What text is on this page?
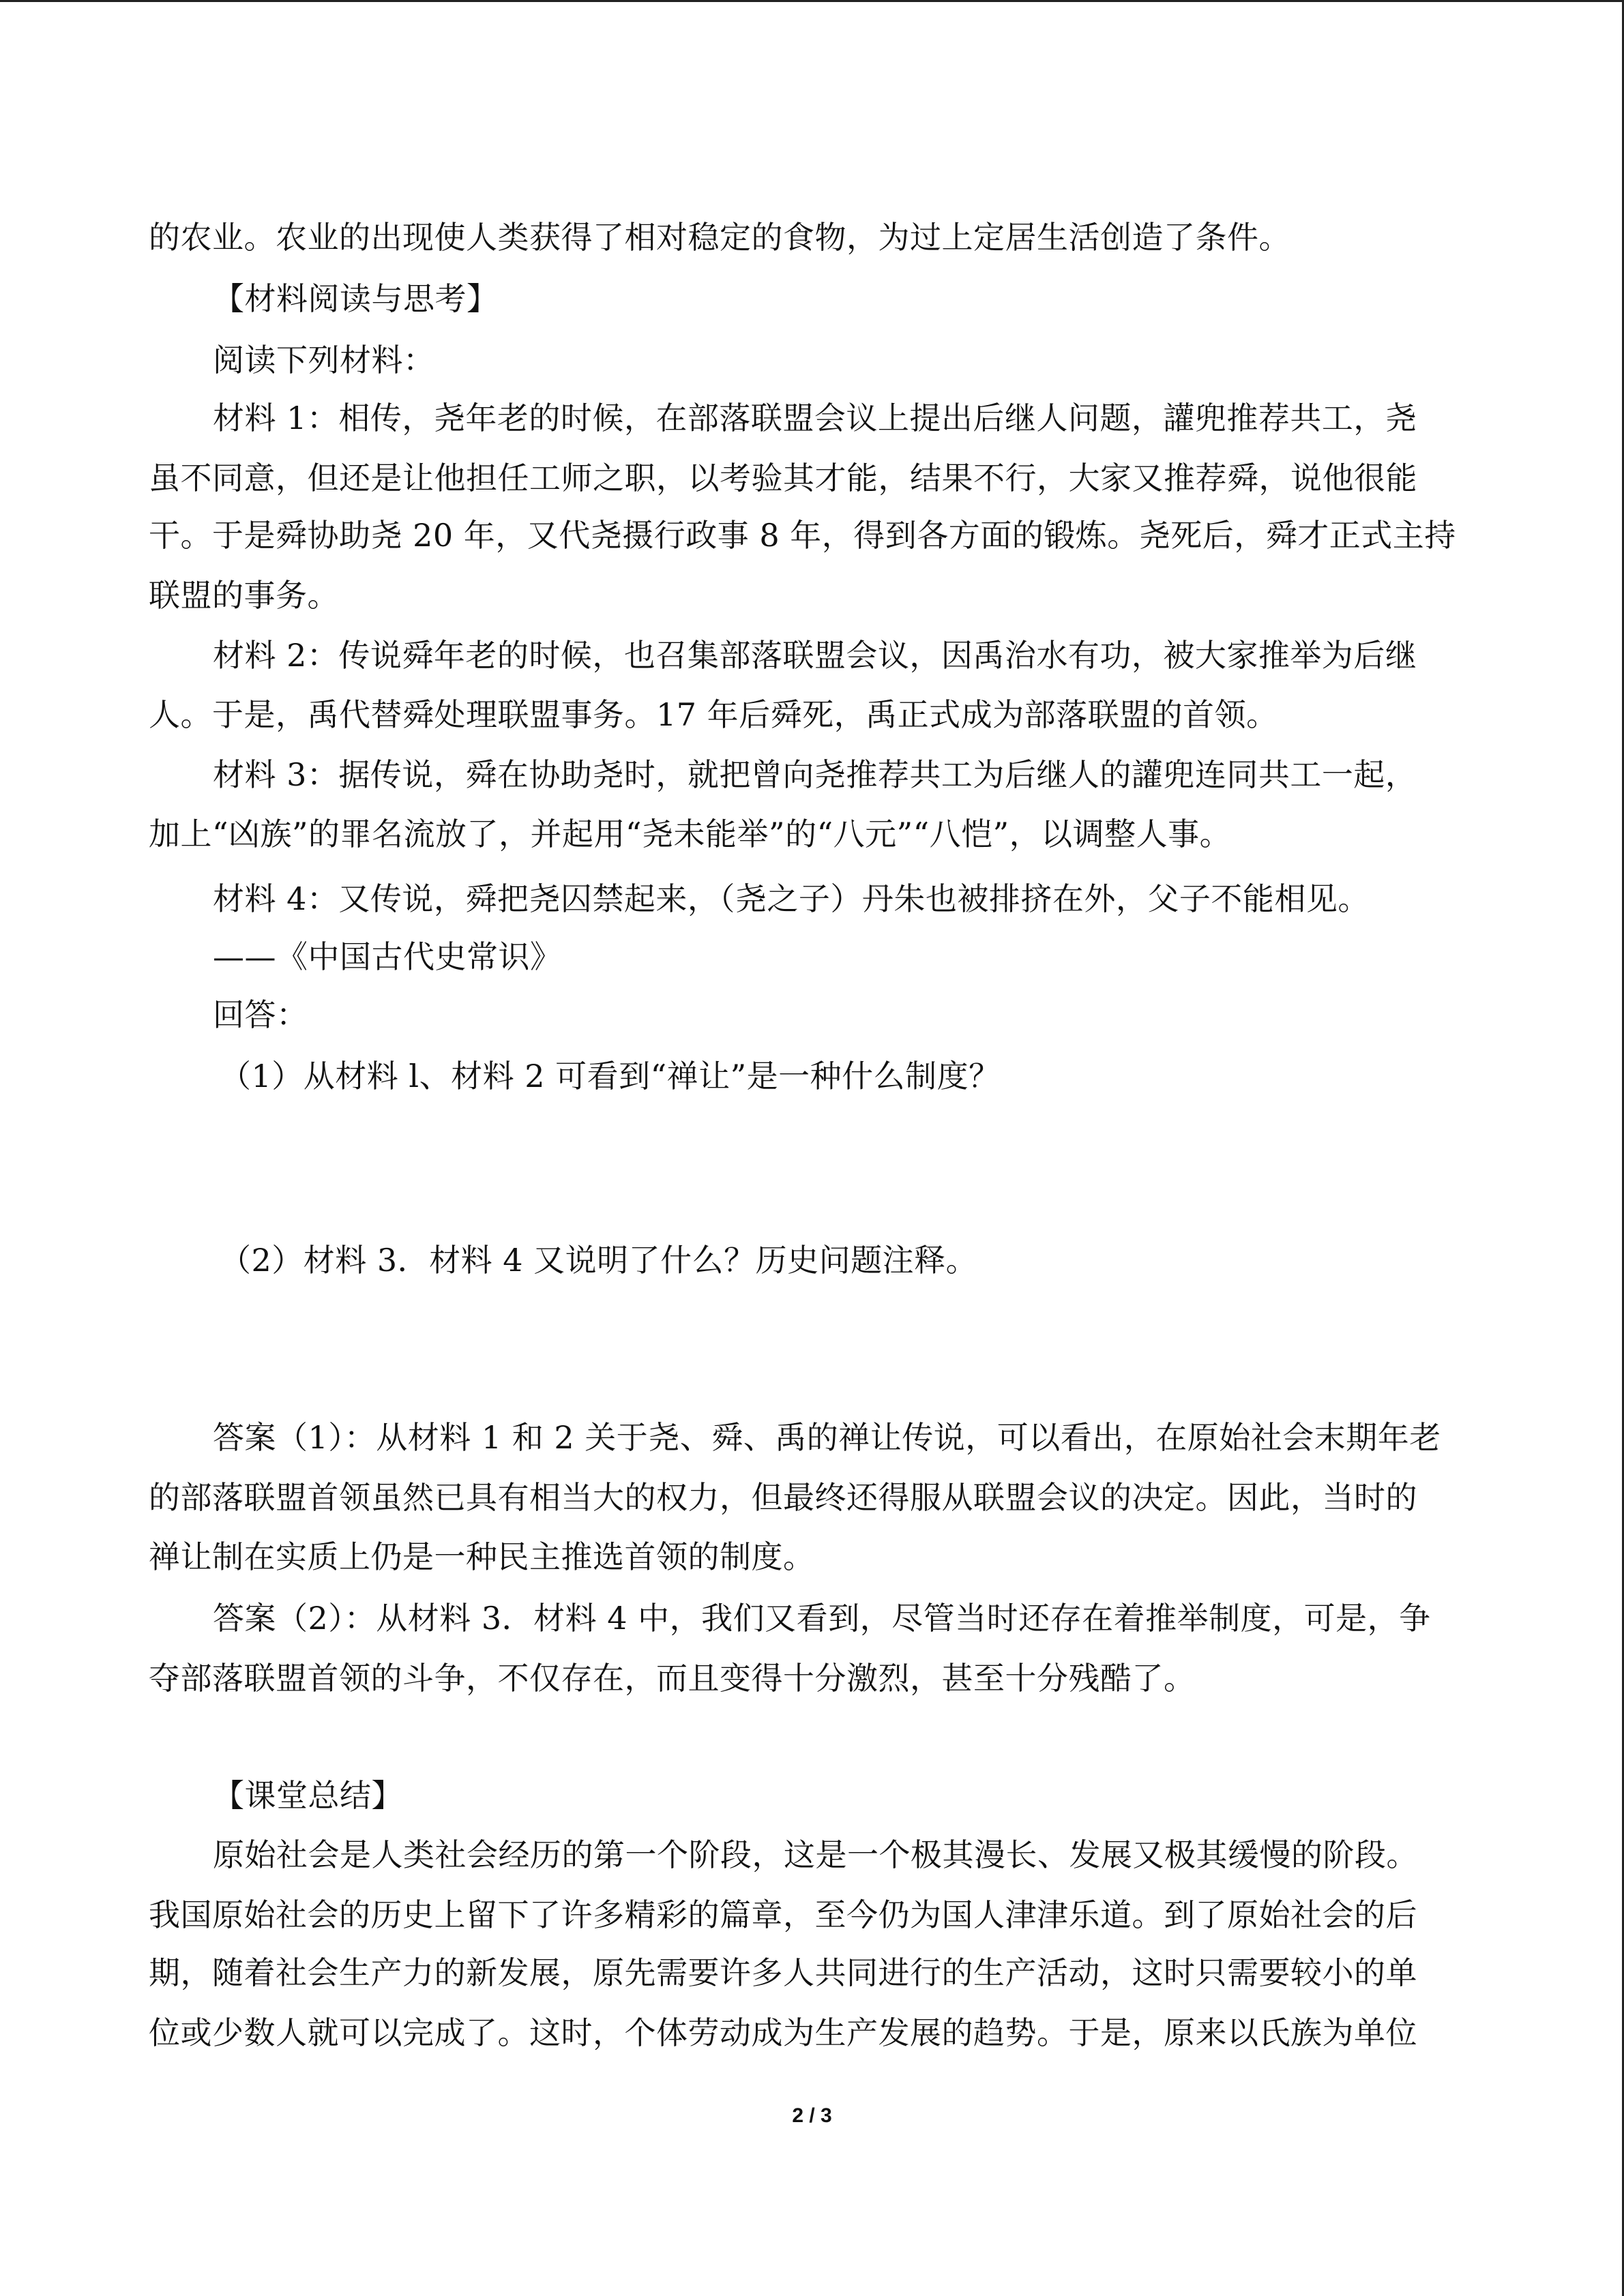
的农业。农业的出现使人类获得了相对稳定的食物，为过上定居生活创造了条件。
【材料阅读与思考】
阅读下列材料：
材料 1：相传，尧年老的时候，在部落联盟会议上提出后继人问题，讙兜推荐共工，尧
虽不同意，但还是让他担任工师之职，以考验其才能，结果不行，大家又推荐舜，说他很能
干。于是舜协助尧 20 年，又代尧摄行政事 8 年，得到各方面的锻炼。尧死后，舜才正式主持
联盟的事务。
材料 2：传说舜年老的时候，也召集部落联盟会议，因禹治水有功，被大家推举为后继
人。于是，禹代替舜处理联盟事务。17 年后舜死，禹正式成为部落联盟的首领。
材料 3：据传说，舜在协助尧时，就把曾向尧推荐共工为后继人的讙兜连同共工一起，
加上“凶族”的罪名流放了，并起用“尧未能举”的“八元”“八恺”，以调整人事。
材料 4：又传说，舜把尧囚禁起来，（尧之子）丹朱也被排挤在外，父子不能相见。
——《中国古代史常识》
回答：
（1）从材料 l、材料 2 可看到“禅让”是一种什么制度？
（2）材料 3．材料 4 又说明了什么？历史问题注释。
答案（1）：从材料 1 和 2 关于尧、舜、禹的禅让传说，可以看出，在原始社会末期年老
的部落联盟首领虽然已具有相当大的权力，但最终还得服从联盟会议的决定。因此，当时的
禅让制在实质上仍是一种民主推选首领的制度。
答案（2）：从材料 3．材料 4 中，我们又看到，尽管当时还存在着推举制度，可是，争
夺部落联盟首领的斗争，不仅存在，而且变得十分激烈，甚至十分残酷了。
【课堂总结】
原始社会是人类社会经历的第一个阶段，这是一个极其漫长、发展又极其缓慢的阶段。
我国原始社会的历史上留下了许多精彩的篇章，至今仍为国人津津乐道。到了原始社会的后
期，随着社会生产力的新发展，原先需要许多人共同进行的生产活动，这时只需要较小的单
位或少数人就可以完成了。这时，个体劳动成为生产发展的趋势。于是，原来以氏族为单位
2 / 3
